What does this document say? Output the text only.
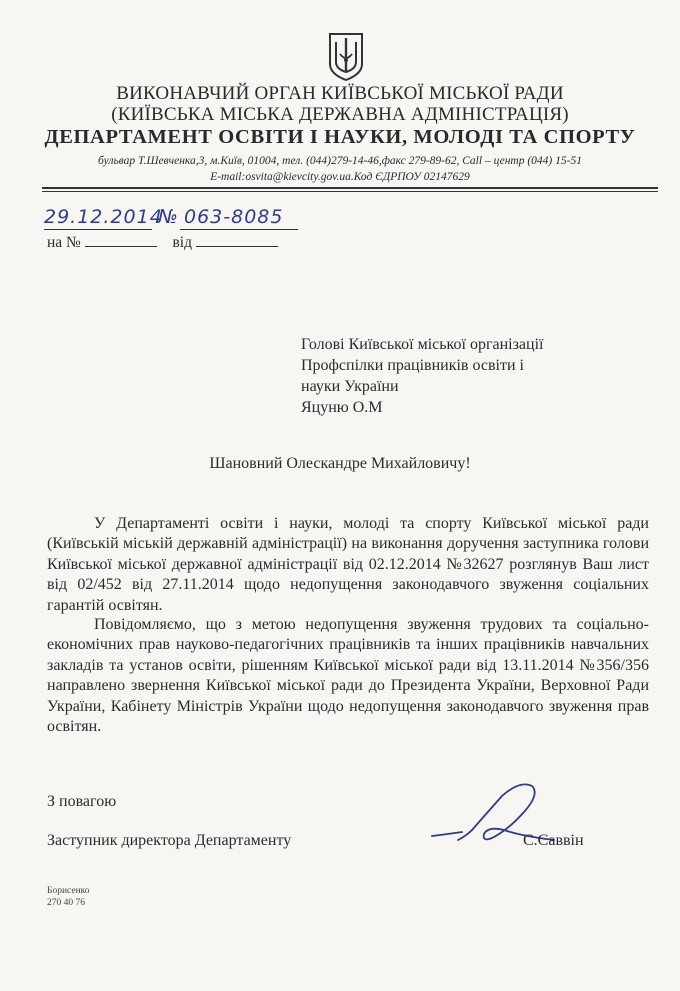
ВИКОНАВЧИЙ ОРГАН КИЇВСЬКОЇ МІСЬКОЇ РАДИ
(КИЇВСЬКА МІСЬКА ДЕРЖАВНА АДМІНІСТРАЦІЯ)
ДЕПАРТАМЕНТ ОСВІТИ І НАУКИ, МОЛОДІ ТА СПОРТУ
бульвар Т.Шевченка,3, м.Київ, 01004, тел. (044)279-14-46,факс 279-89-62, Call – центр (044) 15-51
E-mail:osvita@kievcity.gov.ua.Код ЄДРПОУ 02147629
29.12.2014
№ 063-8085
на №	від
Голові Київської міської організації
Профспілки працівників освіти і
науки України
Яцуню О.М
Шановний Олескандре Михайловичу!
У Департаменті освіти і науки, молоді та спорту Київської міської ради (Київській міській державній адміністрації) на виконання доручення заступника голови Київської міської державної адміністрації від 02.12.2014 №32627 розглянув Ваш лист від 02/452 від 27.11.2014 щодо недопущення законодавчого звуження соціальних гарантій освітян.
Повідомляємо, що з метою недопущення звуження трудових та соціально-економічних прав науково-педагогічних працівників та інших працівників навчальних закладів та установ освіти, рішенням Київської міської ради від 13.11.2014 №356/356 направлено звернення Київської міської ради до Президента України, Верховної Ради України, Кабінету Міністрів України щодо недопущення законодавчого звуження прав освітян.
З повагою
Заступник директора Департаменту	С.Саввін
Борисенко
270 40 76
